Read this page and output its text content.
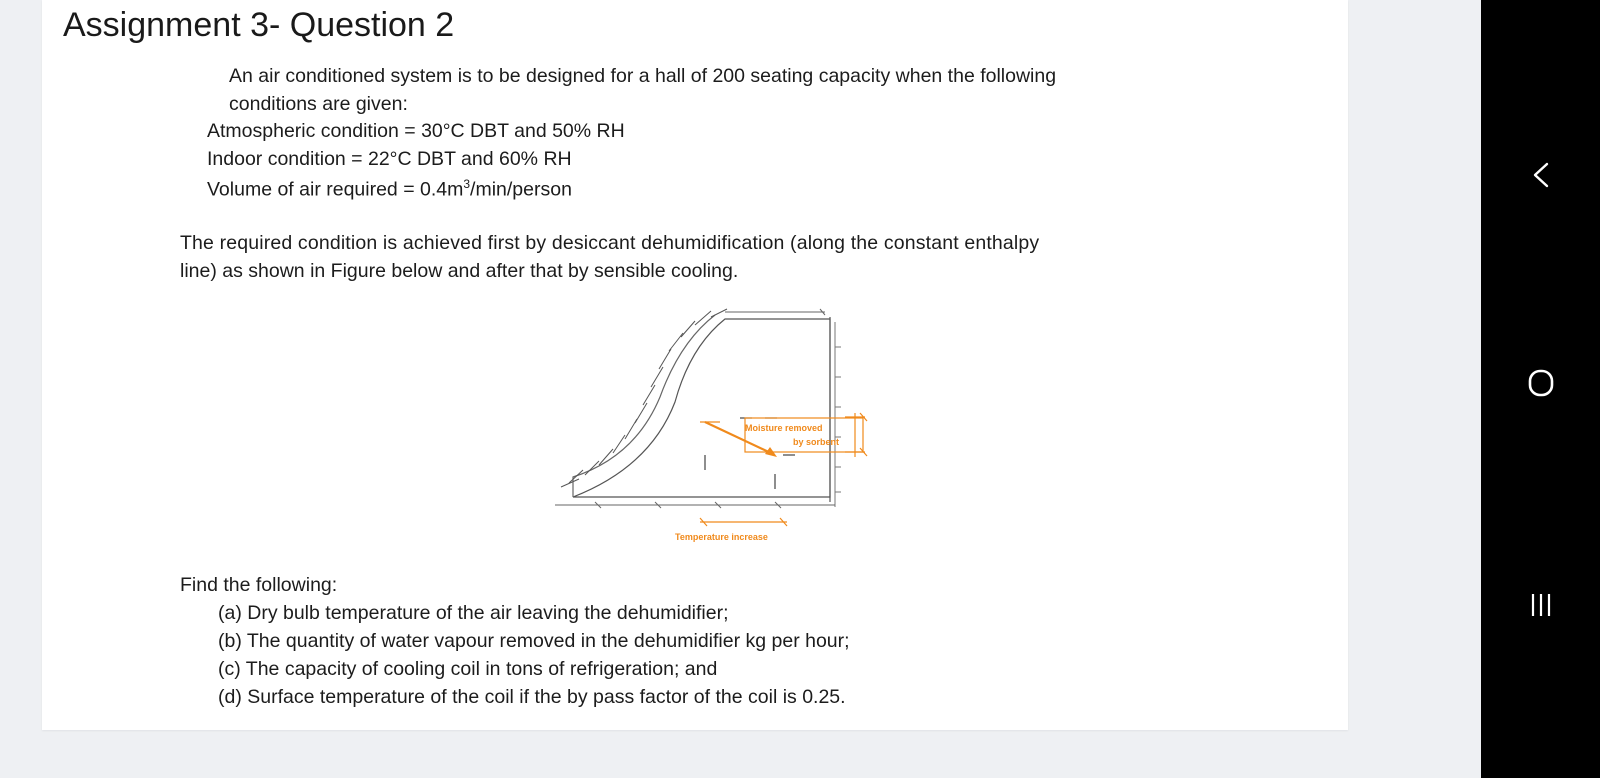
Assignment 3- Question 2
An air conditioned system is to be designed for a hall of 200 seating capacity when the following
conditions are given:
Atmospheric condition = 30°C DBT and 50% RH
Indoor condition = 22°C DBT and 60% RH
Volume of air required = $0.4m^3/\min$/person
The required condition is achieved first by desiccant dehumidification (along the constant enthalpy
line) as shown in Figure below and after that by sensible cooling.
Moisture removed
by sorbent
Temperature increase
Find the following:
(a) Dry bulb temperature of the air leaving the dehumidifier;
(b) The quantity of water vapour removed in the dehumidifier kg per hour;
(c) The capacity of cooling coil in tons of refrigeration; and
(d) Surface temperature of the coil if the by pass factor of the coil is 0.25.
